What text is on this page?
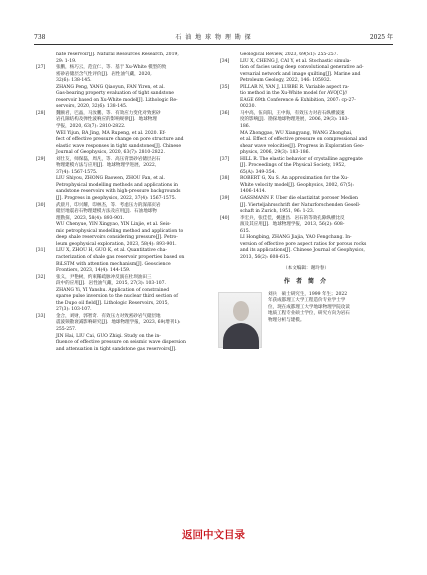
738	石 油 地 球 物 理 勘 探	2025 年
nate reservoir[J]. Natural Resources Research, 2019,
29: 1-19.
[27] 张鹏，杨巧云，范宜仁，等．基于 Xu-White 模型的致
密砂岩储层含气性评价[J]．岩性油气藏，2020,
32(6): 138-145.
ZHANG Peng, YANG Qiaoyun, FAN Yiren, et al.
Gas-bearing property evaluation of tight sandstone
reservoir based on Xu-White model[J]. Lithologic Re-
servoirs, 2020, 32(6): 138-145.
[28] 魏颐君，巴晶，马汝鹏，等．有效应力变化对致密砂
岩孔隙结构及弹性波响应的影响规律[J]．地球物理
学报，2020, 63(7): 2810-2822.
WEI Yijun, BA Jing, MA Rupeng, et al. 2020. Ef-
fect of effective pressure change on pore structure and
elastic wave responses in tight sandstones[J]. Chinese
Journal of Geophysics, 2020, 63(7): 2810-2822.
[29] 刘仕友，师保磊，周凡，等．高压背景砂岩储层岩石
物理建模方法与应用[J]．地球物理学进展，2022,
37(4): 1567-1575.
LIU Shiyou, ZHONG Baowen, ZHOU Fan, et al.
Petrophysical modelling methods and applications in
sandstone reservoirs with high-pressure backgrounds
[J]. Progress in geophysics, 2022, 37(4): 1567-1575.
[30] 武晨月，印兴耀，印林杰，等．考虑压力的深部页岩
储层地震岩石物理建模方法及应用[J]．石油地球物
理勘探，2023, 58(4): 893-901.
WU Chenyue, YIN Xingyao, YIN Linjie, et al. Seis-
mic petrophysical modelling method and application to
deep shale reservoirs considering pressure[J]. Petro-
leum geophysical exploration, 2023, 58(4): 893-901.
[31] LIU X, ZHOU H, GUO K, et al. Quantitative cha-
racterization of shale gas reservoir properties based on
BiLSTM with attention mechanism[J]. Geoscience
Frontiers, 2023, 14(4): 144-159.
[32] 张义，尹艳树，约束稀疏脉冲反演在杜坝油田三
段中的应用[J]．岩性油气藏，2015, 27(3): 103-107.
ZHANG Yi, YI Yanshu. Application of constrained
sparse pulse inversion to the nuclear third section of
the Dupo oil field[J]. Lithologic Reservoirs, 2015,
27(3): 103-107.
[33] 金合，刘财，郭智奇．有效压力对致密砂岩气储层地
震波频散衰减影响研究[J]．地球物理学报，2023, 69(增刊1):
255-257.
JIN Hai, LIU Cai, GUO Zhiqi. Study on the in-
fluence of effective pressure on seismic wave dispersion
and attenuation in tight sandstone gas reservoirs[J].
Geological Review, 2023, 69(S1): 255-257.
[34] LIU X, CHENG J, CAI Y, et al. Stochastic simula-
tion of facies using deep convolutional generative ad-
versarial network and image quilting[J]. Marine and
Petroleum Geology, 2022, 146: 105932.
[35] PILLAR N, YAN J, LUBBE R. Variable aspect ra-
tio method in the Xu-White model for AVO[C]//
EAGE 69th Conference & Exhibition, 2007: cp-27-
00230.
[36] 马中高，伍向阳，王中海，有效压力对岩石纵横波速
度的影响[J]．勘探地球物理进展，2006, 29(3): 183-
186.
MA Zhonggao, WU Xiangyang, WANG Zhonghai,
et al. Effect of effective pressure on compressional and
shear wave velocities[J]. Progress in Exploration Geo-
physics, 2006, 29(3): 183-186.
[37] HILL R. The elastic behavior of crystalline aggregate
[J]. Proceedings of the Physical Society, 1952,
65(A): 349-354.
[38] ROBERT G, Xu S. An approximation for the Xu-
White velocity model[J]. Geophysics, 2002, 67(5):
1406-1414.
[39] GASSMANN F. Uber die elastizitat poroser Medien
[J]. Vierteljahrsschrift der Naturforschenden Gesell-
schaft in Zurich, 1951, 96: 1-23.
[40] 李宏兵，张佳佳，姚逢昌．岩石的等效孔隙纵横比反
演及其应用[J]．地球物理学报，2013, 56(2): 608-
615.
LI Hongbing, ZHANG Jiajia, YAO Fengchang. In-
version of effective pore aspect ratios for porous rocks
and its applications[J]. Chinese Journal of Geophysics,
2013, 56(2): 608-615.
（本文编辑：谢玲春）
作 者 简 介
刘兵　硕士研究生，1999 年生；2022
年获成都理工大学工程造价专业学士学
位，现在成都理工大学地球物理学院攻读
地质工程专业硕士学位，研究方向为岩石
物理分析与建模。
返回中文目录
